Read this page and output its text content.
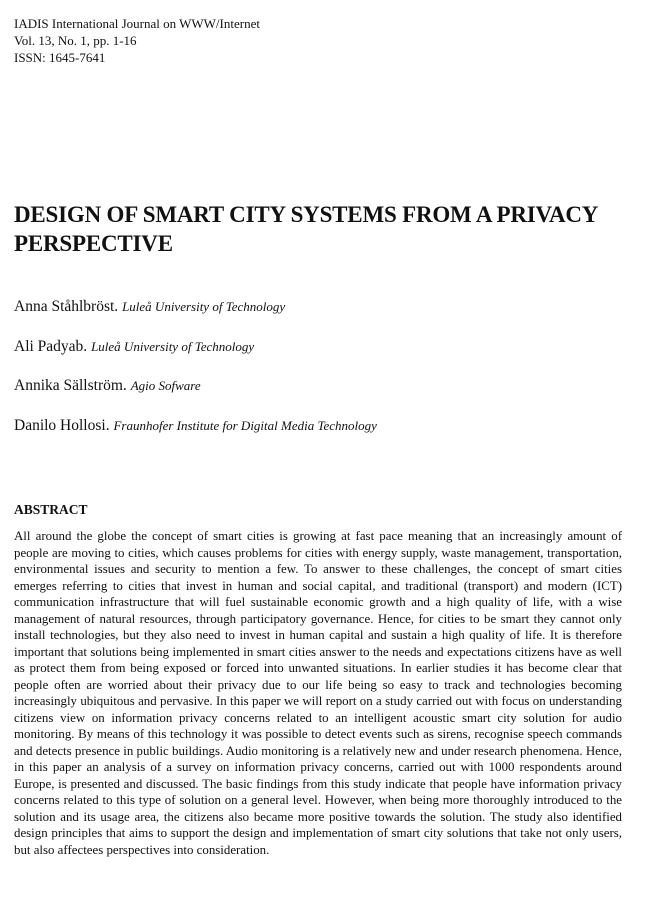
IADIS International Journal on WWW/Internet
Vol. 13, No. 1, pp. 1-16
ISSN: 1645-7641
DESIGN OF SMART CITY SYSTEMS FROM A PRIVACY PERSPECTIVE
Anna Ståhlbröst. Luleå University of Technology
Ali Padyab. Luleå University of Technology
Annika Sällström. Agio Sofware
Danilo Hollosi. Fraunhofer Institute for Digital Media Technology
ABSTRACT

All around the globe the concept of smart cities is growing at fast pace meaning that an increasingly amount of people are moving to cities, which causes problems for cities with energy supply, waste management, transportation, environmental issues and security to mention a few. To answer to these challenges, the concept of smart cities emerges referring to cities that invest in human and social capital, and traditional (transport) and modern (ICT) communication infrastructure that will fuel sustainable economic growth and a high quality of life, with a wise management of natural resources, through participatory governance. Hence, for cities to be smart they cannot only install technologies, but they also need to invest in human capital and sustain a high quality of life. It is therefore important that solutions being implemented in smart cities answer to the needs and expectations citizens have as well as protect them from being exposed or forced into unwanted situations. In earlier studies it has become clear that people often are worried about their privacy due to our life being so easy to track and technologies becoming increasingly ubiquitous and pervasive. In this paper we will report on a study carried out with focus on understanding citizens view on information privacy concerns related to an intelligent acoustic smart city solution for audio monitoring. By means of this technology it was possible to detect events such as sirens, recognise speech commands and detects presence in public buildings. Audio monitoring is a relatively new and under research phenomena. Hence, in this paper an analysis of a survey on information privacy concerns, carried out with 1000 respondents around Europe, is presented and discussed. The basic findings from this study indicate that people have information privacy concerns related to this type of solution on a general level. However, when being more thoroughly introduced to the solution and its usage area, the citizens also became more positive towards the solution. The study also identified design principles that aims to support the design and implementation of smart city solutions that take not only users, but also affectees perspectives into consideration.
